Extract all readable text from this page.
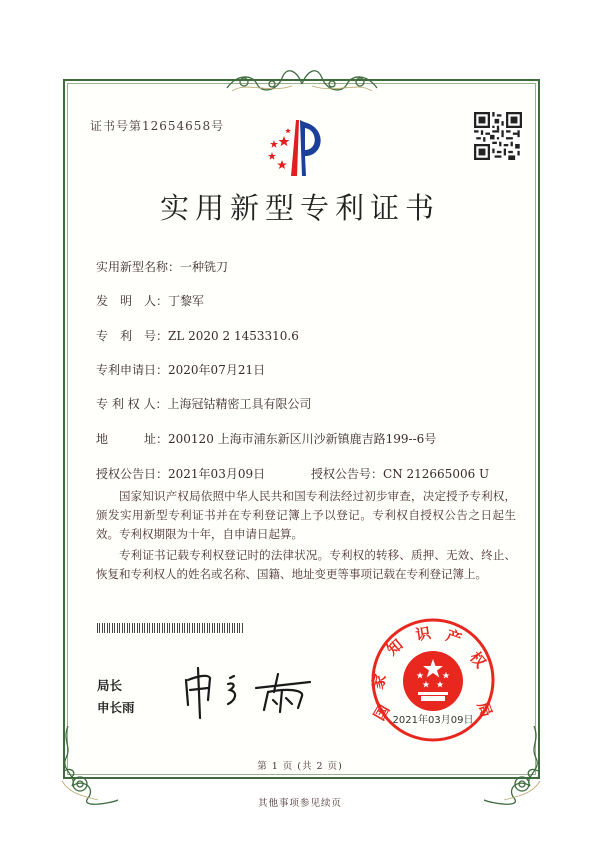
证书号第12654658号
实用新型专利证书
实用新型名称：一种铣刀
发　明　人：丁黎军
专　利　号：ZL 2020 2 1453310.6
专利申请日：2020年07月21日
专 利 权 人：上海冠钴精密工具有限公司
地　　　址：200120 上海市浦东新区川沙新镇鹿吉路199--6号
授权公告日：2021年03月09日	授权公告号：CN 212665006 U
国家知识产权局依照中华人民共和国专利法经过初步审查，决定授予专利权，颁发实用新型专利证书并在专利登记簿上予以登记。专利权自授权公告之日起生效。专利权期限为十年，自申请日起算。
专利证书记载专利权登记时的法律状况。专利权的转移、质押、无效、终止、恢复和专利权人的姓名或名称、国籍、地址变更等事项记载在专利登记簿上。
局长
申长雨	国
家
知
识 产
权
局
2021年03月09日
第 1 页 (共 2 页)
其他事项参见续页
